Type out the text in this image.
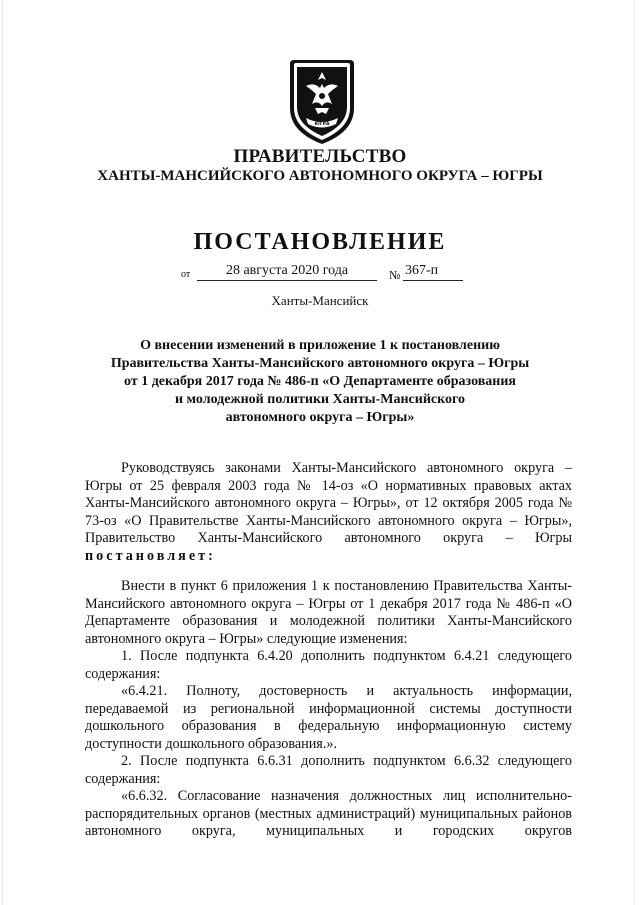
ЮГРА
ПРАВИТЕЛЬСТВО
ХАНТЫ-МАНСИЙСКОГО АВТОНОМНОГО ОКРУГА – ЮГРЫ
ПОСТАНОВЛЕНИЕ
от	28 августа 2020 года	№ 367-п
Ханты-Мансийск
О внесении изменений в приложение 1 к постановлению
Правительства Ханты-Мансийского автономного округа – Югры
от 1 декабря 2017 года № 486-п «О Департаменте образования
и молодежной политики Ханты-Мансийского
автономного округа – Югры»

Руководствуясь законами Ханты-Мансийского автономного округа – Югры от 25 февраля 2003 года № 14-оз «О нормативных правовых актах Ханты-Мансийского автономного округа – Югры», от 12 октября 2005 года № 73-оз «О Правительстве Ханты-Мансийского автономного округа – Югры», Правительство Ханты-Мансийского автономного округа – Югры постановляет:

Внести в пункт 6 приложения 1 к постановлению Правительства Ханты-Мансийского автономного округа – Югры от 1 декабря 2017 года № 486-п «О Департаменте образования и молодежной политики Ханты-Мансийского автономного округа – Югры» следующие изменения:

1. После подпункта 6.4.20 дополнить подпунктом 6.4.21 следующего содержания:

«6.4.21. Полноту, достоверность и актуальность информации, передаваемой из региональной информационной системы доступности дошкольного образования в федеральную информационную систему доступности дошкольного образования.».

2. После подпункта 6.6.31 дополнить подпунктом 6.6.32 следующего содержания:

«6.6.32. Согласование назначения должностных лиц исполнительно-распорядительных органов (местных администраций) муниципальных районов автономного округа, муниципальных и городских округов
